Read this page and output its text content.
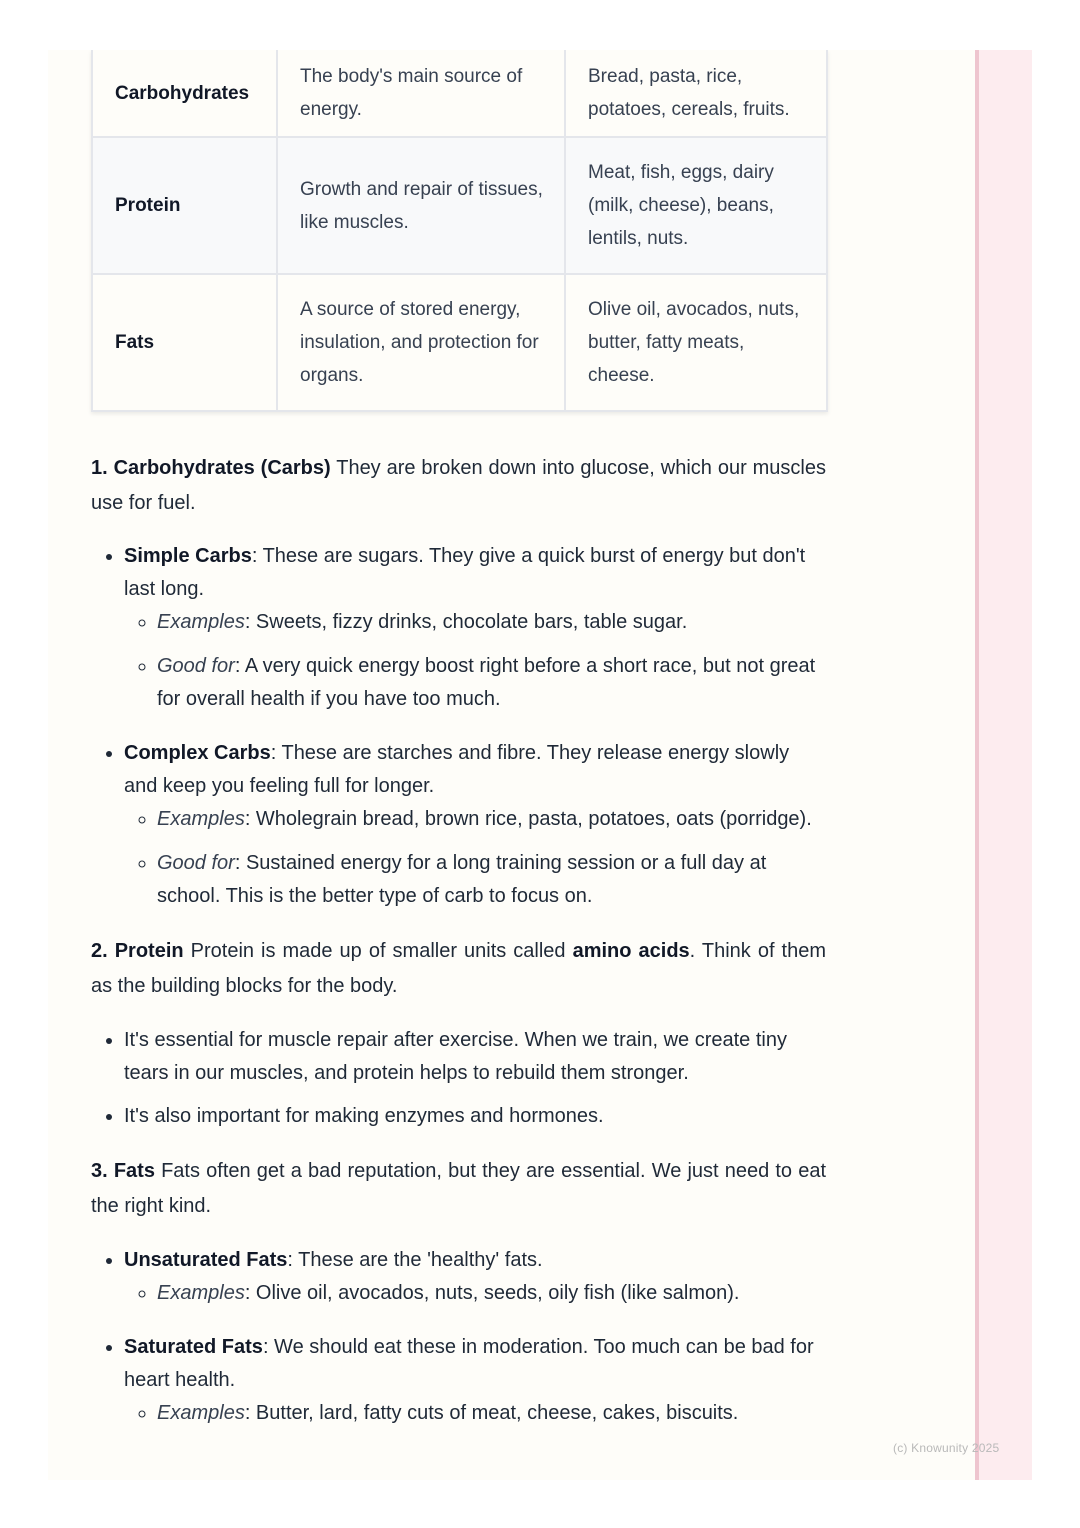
Carbohydrates	The body's main source of energy.	Bread, pasta, rice, potatoes, cereals, fruits.
Protein	Growth and repair of tissues, like muscles.	Meat, fish, eggs, dairy (milk, cheese), beans, lentils, nuts.
Fats	A source of stored energy, insulation, and protection for organs.	Olive oil, avocados, nuts, butter, fatty meats, cheese.

1. Carbohydrates (Carbs) They are broken down into glucose, which our muscles use for fuel.

• Simple Carbs: These are sugars. They give a quick burst of energy but don't last long.
◦ Examples: Sweets, fizzy drinks, chocolate bars, table sugar.
◦ Good for: A very quick energy boost right before a short race, but not great for overall health if you have too much.
• Complex Carbs: These are starches and fibre. They release energy slowly and keep you feeling full for longer.
◦ Examples: Wholegrain bread, brown rice, pasta, potatoes, oats (porridge).
◦ Good for: Sustained energy for a long training session or a full day at school. This is the better type of carb to focus on.

2. Protein Protein is made up of smaller units called amino acids. Think of them as the building blocks for the body.

• It's essential for muscle repair after exercise. When we train, we create tiny tears in our muscles, and protein helps to rebuild them stronger.
• It's also important for making enzymes and hormones.

3. Fats Fats often get a bad reputation, but they are essential. We just need to eat the right kind.

• Unsaturated Fats: These are the 'healthy' fats.
◦ Examples: Olive oil, avocados, nuts, seeds, oily fish (like salmon).
• Saturated Fats: We should eat these in moderation. Too much can be bad for heart health.
◦ Examples: Butter, lard, fatty cuts of meat, cheese, cakes, biscuits.
(c) Knowunity 2025
